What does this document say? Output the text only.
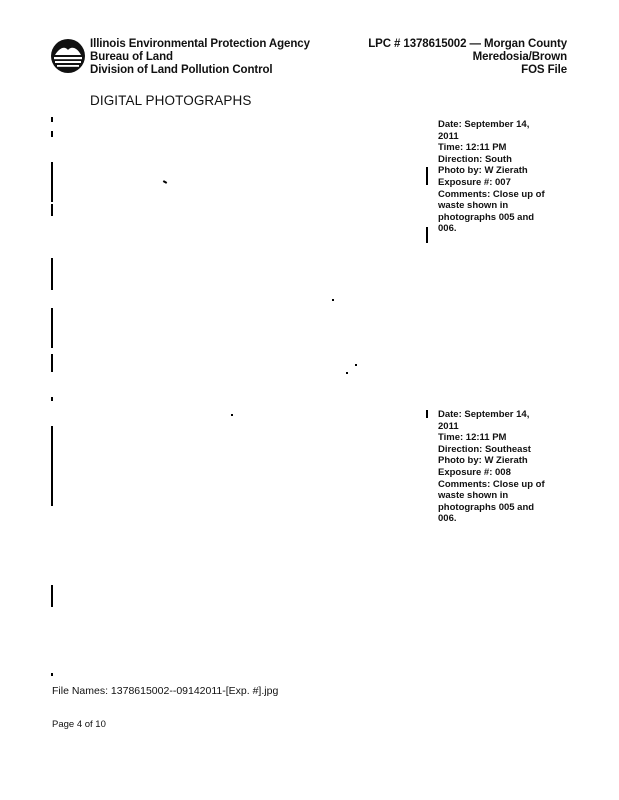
Illinois Environmental Protection Agency
Bureau of Land
Division of Land Pollution Control
LPC # 1378615002 — Morgan County
Meredosia/Brown
FOS File
DIGITAL PHOTOGRAPHS
Date: September 14,
2011
Time: 12:11 PM
Direction: South
Photo by: W Zierath
Exposure #: 007
Comments: Close up of
waste shown in
photographs 005 and
006.
Date: September 14,
2011
Time: 12:11 PM
Direction: Southeast
Photo by: W Zierath
Exposure #: 008
Comments: Close up of
waste shown in
photographs 005 and
006.
File Names: 1378615002--09142011-[Exp. #].jpg
Page 4 of 10
